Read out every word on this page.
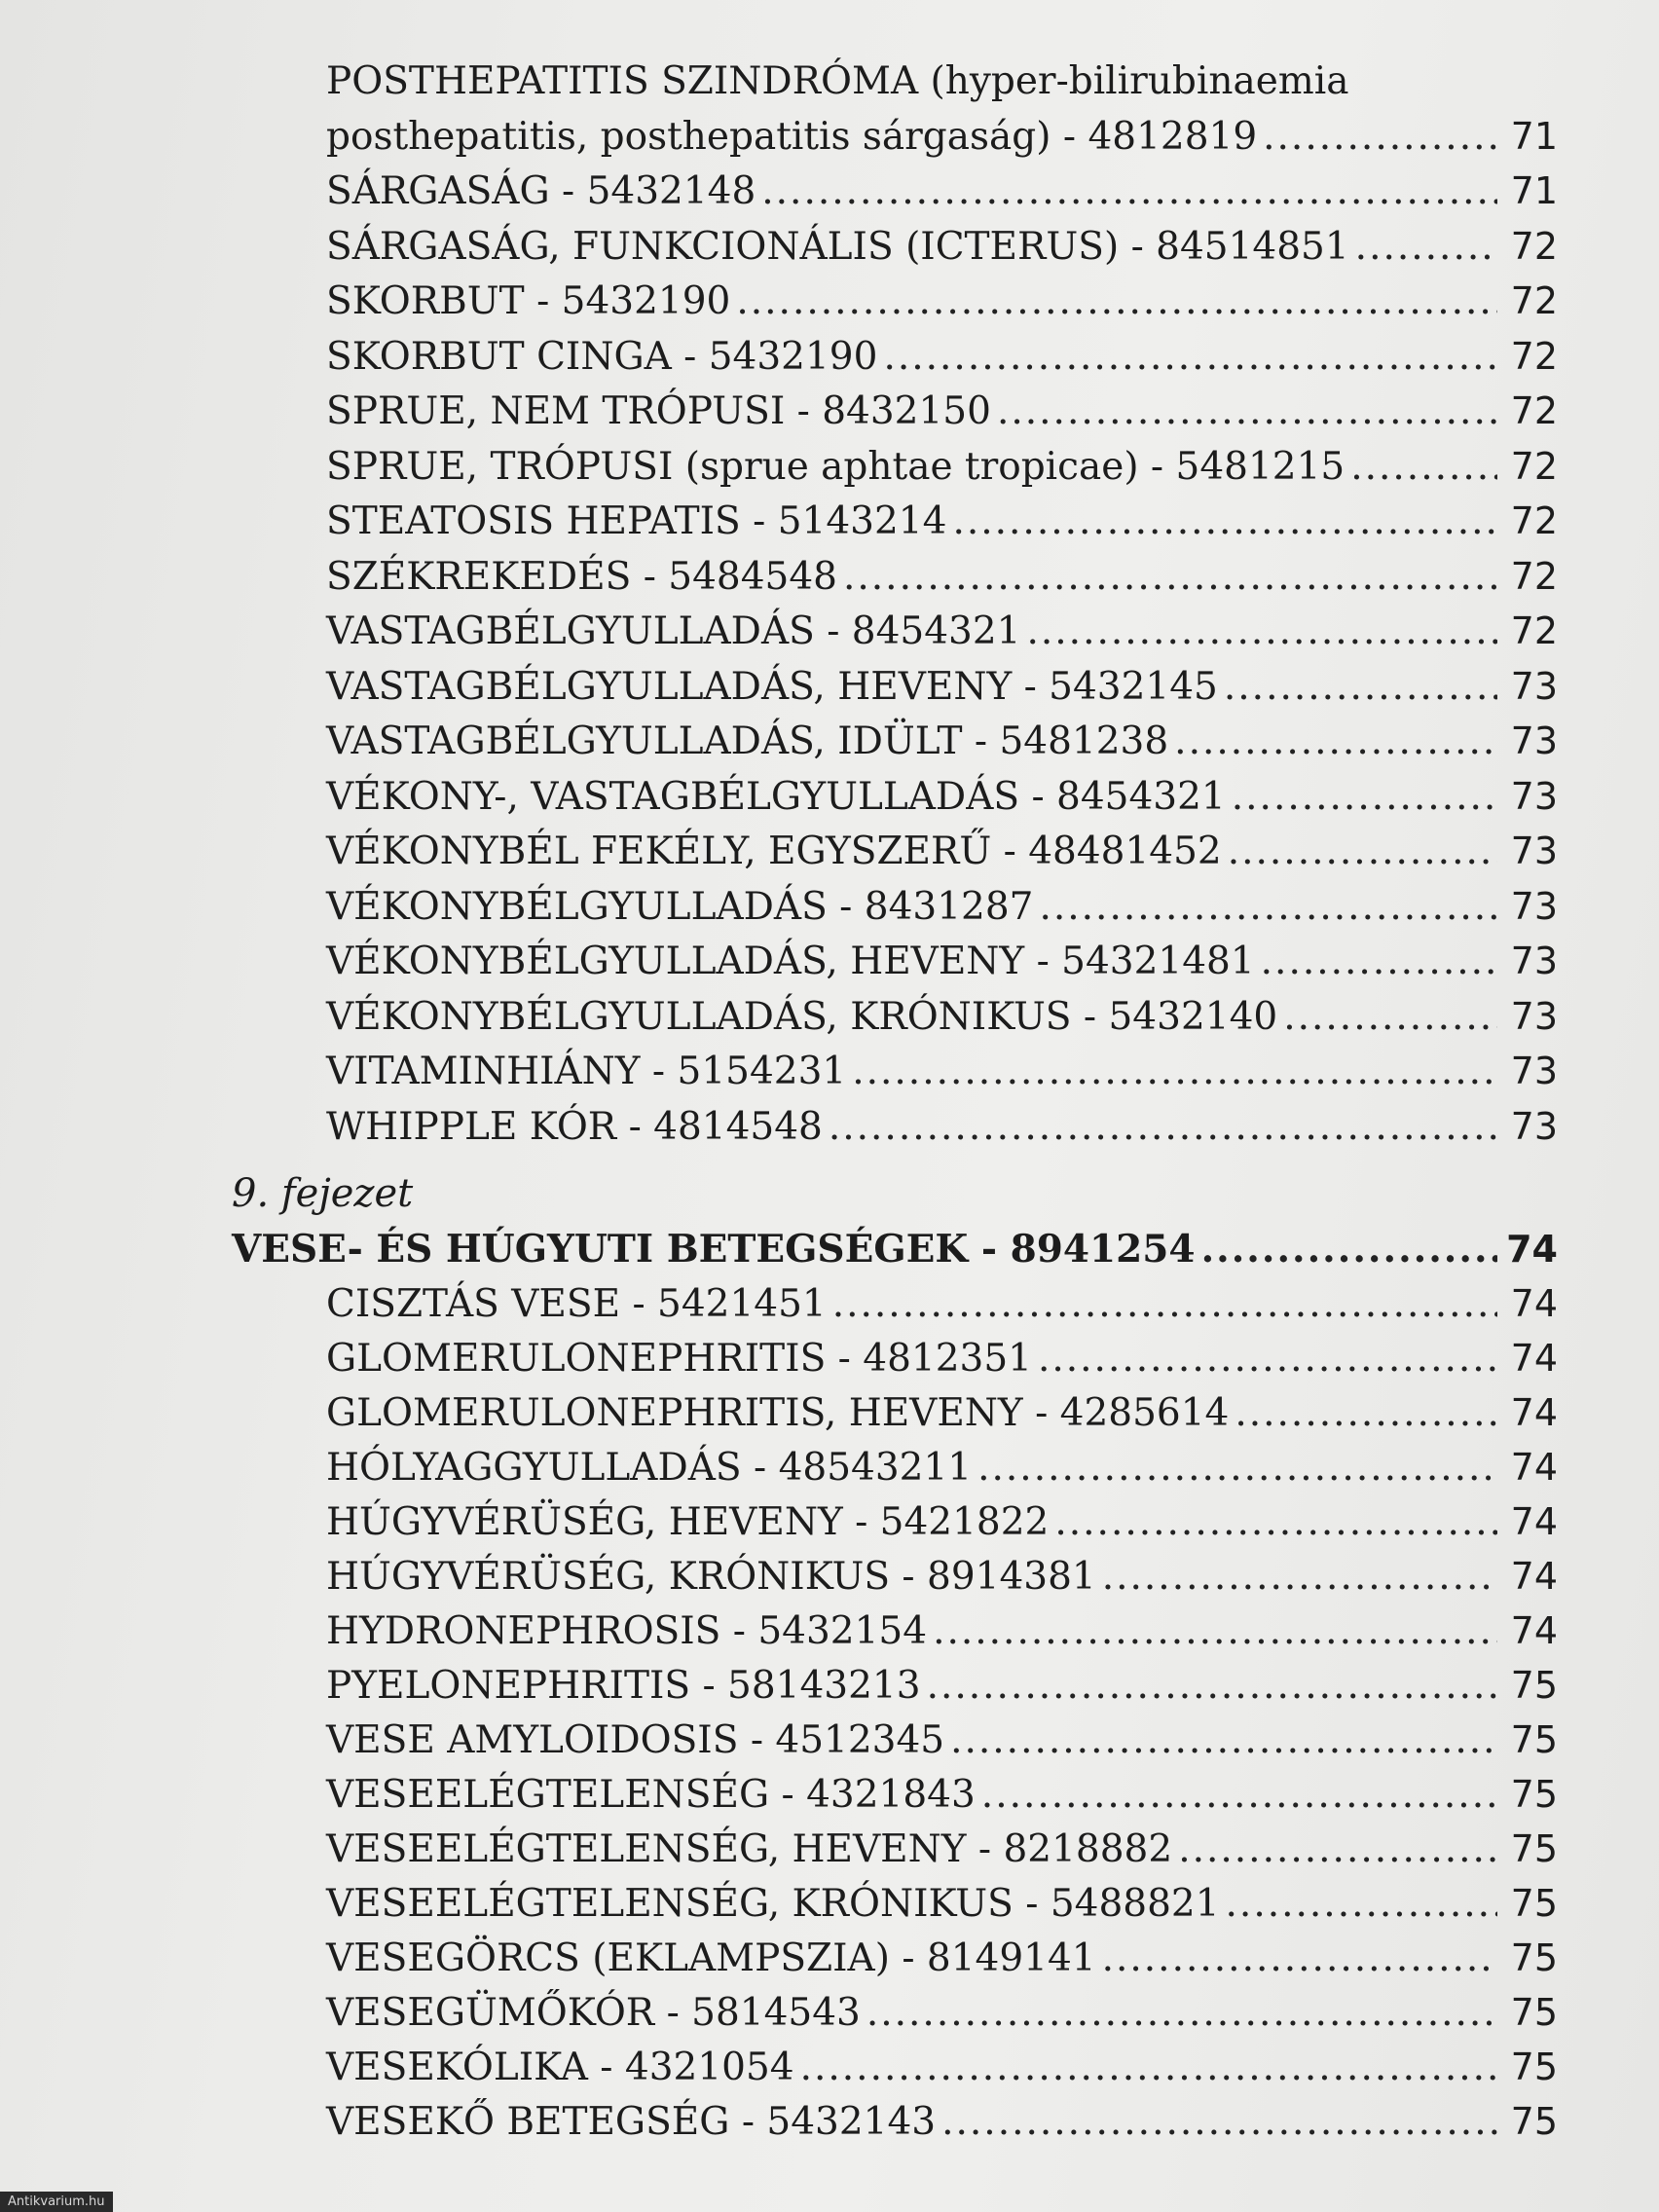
POSTHEPATITIS SZINDRÓMA (hyper-bilirubinaemia
posthepatitis, posthepatitis sárgaság) - 4812819 .....	71
SÁRGASÁG - 5432148 .....	71
SÁRGASÁG, FUNKCIONÁLIS (ICTERUS) - 84514851 .....	72
SKORBUT - 5432190 .....	72
SKORBUT CINGA - 5432190 .....	72
SPRUE, NEM TRÓPUSI - 8432150 .....	72
SPRUE, TRÓPUSI (sprue aphtae tropicae) - 5481215 .....	72
STEATOSIS HEPATIS - 5143214 .....	72
SZÉKREKEDÉS - 5484548 .....	72
VASTAGBÉLGYULLADÁS - 8454321 .....	72
VASTAGBÉLGYULLADÁS, HEVENY - 5432145 .....	73
VASTAGBÉLGYULLADÁS, IDÜLT - 5481238 .....	73
VÉKONY-, VASTAGBÉLGYULLADÁS - 8454321 .....	73
VÉKONYBÉL FEKÉLY, EGYSZERŰ - 48481452 .....	73
VÉKONYBÉLGYULLADÁS - 8431287 .....	73
VÉKONYBÉLGYULLADÁS, HEVENY - 54321481 .....	73
VÉKONYBÉLGYULLADÁS, KRÓNIKUS - 5432140 .....	73
VITAMINHIÁNY - 5154231 .....	73
WHIPPLE KÓR - 4814548 .....	73
9. fejezet
VESE- ÉS HÚGYUTI BETEGSÉGEK - 8941254 .....	74
CISZTÁS VESE - 5421451 .....	74
GLOMERULONEPHRITIS - 4812351 .....	74
GLOMERULONEPHRITIS, HEVENY - 4285614 .....	74
HÓLYAGGYULLADÁS - 48543211 .....	74
HÚGYVÉRÜSÉG, HEVENY - 5421822 .....	74
HÚGYVÉRÜSÉG, KRÓNIKUS - 8914381 .....	74
HYDRONEPHROSIS - 5432154 .....	74
PYELONEPHRITIS - 58143213 .....	75
VESE AMYLOIDOSIS - 4512345 .....	75
VESEELÉGTELENSÉG - 4321843 .....	75
VESEELÉGTELENSÉG, HEVENY - 8218882 .....	75
VESEELÉGTELENSÉG, KRÓNIKUS - 5488821 .....	75
VESEGÖRCS (EKLAMPSZIA) - 8149141 .....	75
VESEGÜMŐKÓR - 5814543 .....	75
VESEKÓLIKA - 4321054 .....	75
VESEKŐ BETEGSÉG - 5432143 .....	75
Antikvarium.hu
